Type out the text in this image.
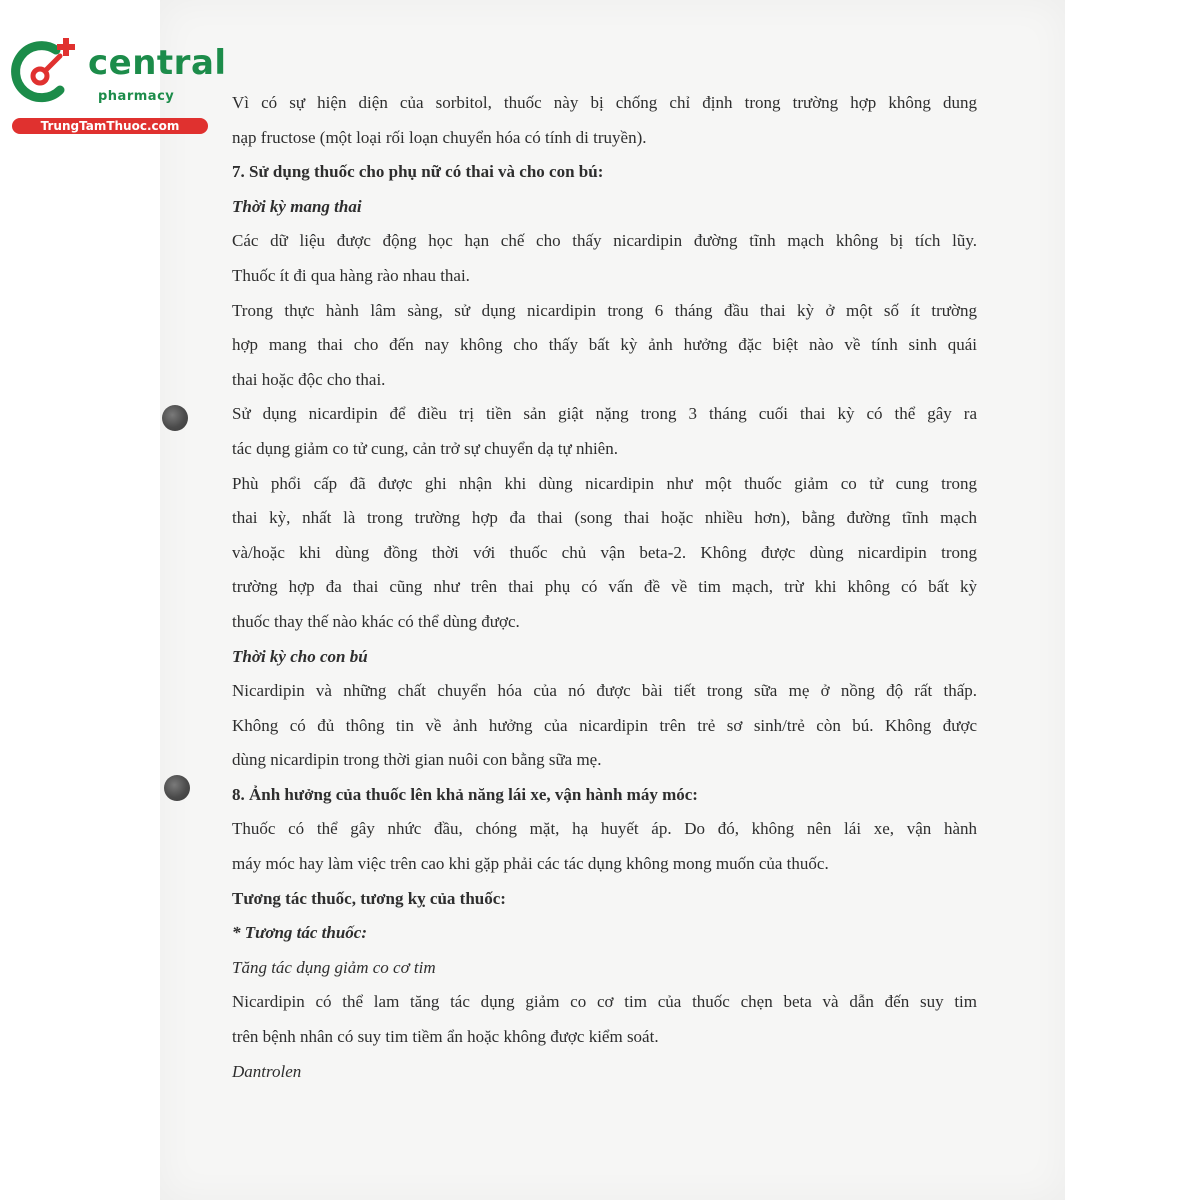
central
pharmacy
TrungTamThuoc.com
Vì có sự hiện diện của sorbitol, thuốc này bị chống chỉ định trong trường hợp không dung
nạp fructose (một loại rối loạn chuyển hóa có tính di truyền).
7. Sử dụng thuốc cho phụ nữ có thai và cho con bú:
Thời kỳ mang thai
Các dữ liệu được động học hạn chế cho thấy nicardipin đường tĩnh mạch không bị tích lũy.
Thuốc ít đi qua hàng rào nhau thai.
Trong thực hành lâm sàng, sử dụng nicardipin trong 6 tháng đầu thai kỳ ở một số ít trường
hợp mang thai cho đến nay không cho thấy bất kỳ ảnh hưởng đặc biệt nào về tính sinh quái
thai hoặc độc cho thai.
Sử dụng nicardipin để điều trị tiền sản giật nặng trong 3 tháng cuối thai kỳ có thể gây ra
tác dụng giảm co tử cung, cản trở sự chuyển dạ tự nhiên.
Phù phổi cấp đã được ghi nhận khi dùng nicardipin như một thuốc giảm co tử cung trong
thai kỳ, nhất là trong trường hợp đa thai (song thai hoặc nhiều hơn), bằng đường tĩnh mạch
và/hoặc khi dùng đồng thời với thuốc chủ vận beta-2. Không được dùng nicardipin trong
trường hợp đa thai cũng như trên thai phụ có vấn đề về tim mạch, trừ khi không có bất kỳ
thuốc thay thế nào khác có thể dùng được.
Thời kỳ cho con bú
Nicardipin và những chất chuyển hóa của nó được bài tiết trong sữa mẹ ở nồng độ rất thấp.
Không có đủ thông tin về ảnh hưởng của nicardipin trên trẻ sơ sinh/trẻ còn bú. Không được
dùng nicardipin trong thời gian nuôi con bằng sữa mẹ.
8. Ảnh hưởng của thuốc lên khả năng lái xe, vận hành máy móc:
Thuốc có thể gây nhức đầu, chóng mặt, hạ huyết áp. Do đó, không nên lái xe, vận hành
máy móc hay làm việc trên cao khi gặp phải các tác dụng không mong muốn của thuốc.
Tương tác thuốc, tương kỵ của thuốc:
* Tương tác thuốc:
Tăng tác dụng giảm co cơ tim
Nicardipin có thể lam tăng tác dụng giảm co cơ tim của thuốc chẹn beta và dẫn đến suy tim
trên bệnh nhân có suy tim tiềm ẩn hoặc không được kiểm soát.
Dantrolen
